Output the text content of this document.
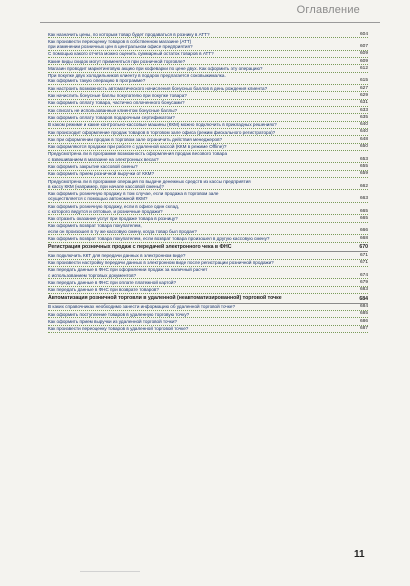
Оглавление
Как назначить цены, по которым товар будет продаваться в рознику в АТТ?	604
Как произвести переоценку товаров в собственном магазине (АТТ)
при изменении розничных цен в центральном офисе предприятия?	607
С помощью какого отчета можно оценить суммарный остаток товаров в АТТ?	609
Какие виды скидок могут применяться при розничной торговле?	609
Магазин проводит маркетинговую акцию при кофеварки по цене двух. Как оформить эту операцию?	612
При покупке двух холодильников клиенту в подарок предлагается соковыжималка.
Как оформить такую операцию в программе?	615
Как настроить возможность автоматического начисления бонусных баллов в день рождения клиента?	627
Как начислить бонусные баллы покупателю при покупке товара?	629
Как оформить оплату товара, частично оплаченного бонусами?	631
Как списать не использованные клиентом бонусные баллы?	633
Как оформить оплату товаров подарочным сертификатом?	635
В каком режиме и какие контрольно-кассовые машины (ККМ) можно подключить в прикладных решениях?	640
Как происходит оформление продаж товаров в торговом зале офиса (режим фискального регистратора)?	640
Как при оформлении продаж в торговом зале ограничить действия менеджеров?	648
Как оформляются продажи при работе с удаленной кассой (ККМ в режиме Offline)?	650
Предусмотрена ли в программе возможность оформления продаж весового товара
с взвешиванием в магазине на электронных весах?	653
Как оформить закрытие кассовой смены?	655
Как оформить прием розничной выручки от ККМ?	659
Предусмотрена ли в программе операция по выдаче денежных средств из кассы предприятия
в кассу ККМ (например, при начале кассовой смены)?	662
Как оформить розничную продажу в том случае, если продажа в торговом зале
осуществляется с помощью автономной ККМ?	663
Как оформить розничную продажу, если в офисе один склад,
с которого ведутся и оптовые, и розничные продажи?	665
Как отразить оказание услуг при продаже товара в розницу?	665
Как оформить возврат товара покупателем,
если он произошел в ту же кассовую смену, когда товар был продан?	666
Как оформить возврат товара покупателем, если возврат товара произошел в другую кассовую смену?	668
Регистрация розничных продаж с передачей электронного чека в ФНС	670
Как подключить ККТ для передачи данных в электронном виде?	671
Как произвести настройку передачи данных в электронном виде после регистрации розничной продажи?	671
Как передать данные в ФНС при оформлении продаж за наличный расчет
с использованием торговых документов?	674
Как передать данные в ФНС при оплате платежной картой?	679
Как передать данные в ФНС при возврате товаров?	683
Автоматизация розничной торговли в удаленной (неавтоматизированной) торговой точке	684
В каких справочниках необходимо занести информацию об удаленной торговой точке?	684
Как оформить поступление товаров в удаленную торговую точку?	685
Как оформить прием выручки из удаленной торговой точки?	686
Как произвести переоценку товаров в удаленной торговой точке?	687
11
